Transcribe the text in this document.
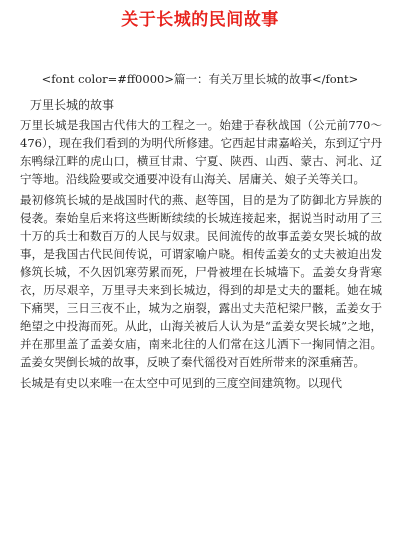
关于长城的民间故事
<font color=#ff0000>篇一：有关万里长城的故事</font>
万里长城的故事

万里长城是我国古代伟大的工程之一。始建于春秋战国（公元前770～476），现在我们看到的为明代所修建。它西起甘肃嘉峪关，东到辽宁丹东鸭绿江畔的虎山口，横亘甘肃、宁夏、陕西、山西、蒙古、河北、辽宁等地。沿线险要或交通要冲设有山海关、居庸关、娘子关等关口。

最初修筑长城的是战国时代的燕、赵等国，目的是为了防御北方异族的侵袭。秦始皇后来将这些断断续续的长城连接起来，据说当时动用了三十万的兵士和数百万的人民与奴隶。民间流传的故事孟姜女哭长城的故事，是我国古代民间传说，可谓家喻户晓。相传孟姜女的丈夫被迫出发修筑长城，不久因饥寒劳累而死，尸骨被埋在长城墙下。孟姜女身背寒衣，历尽艰辛，万里寻夫来到长城边，得到的却是丈夫的噩耗。她在城下痛哭，三日三夜不止，城为之崩裂，露出丈夫范杞梁尸骸，孟姜女于绝望之中投海而死。从此，山海关被后人认为是“孟姜女哭长城”之地，并在那里盖了孟姜女庙，南来北往的人们常在这儿洒下一掬同情之泪。孟姜女哭倒长城的故事，反映了秦代徭役对百姓所带来的深重痛苦。

长城是有史以来唯一在太空中可见到的三度空间建筑物。以现代
